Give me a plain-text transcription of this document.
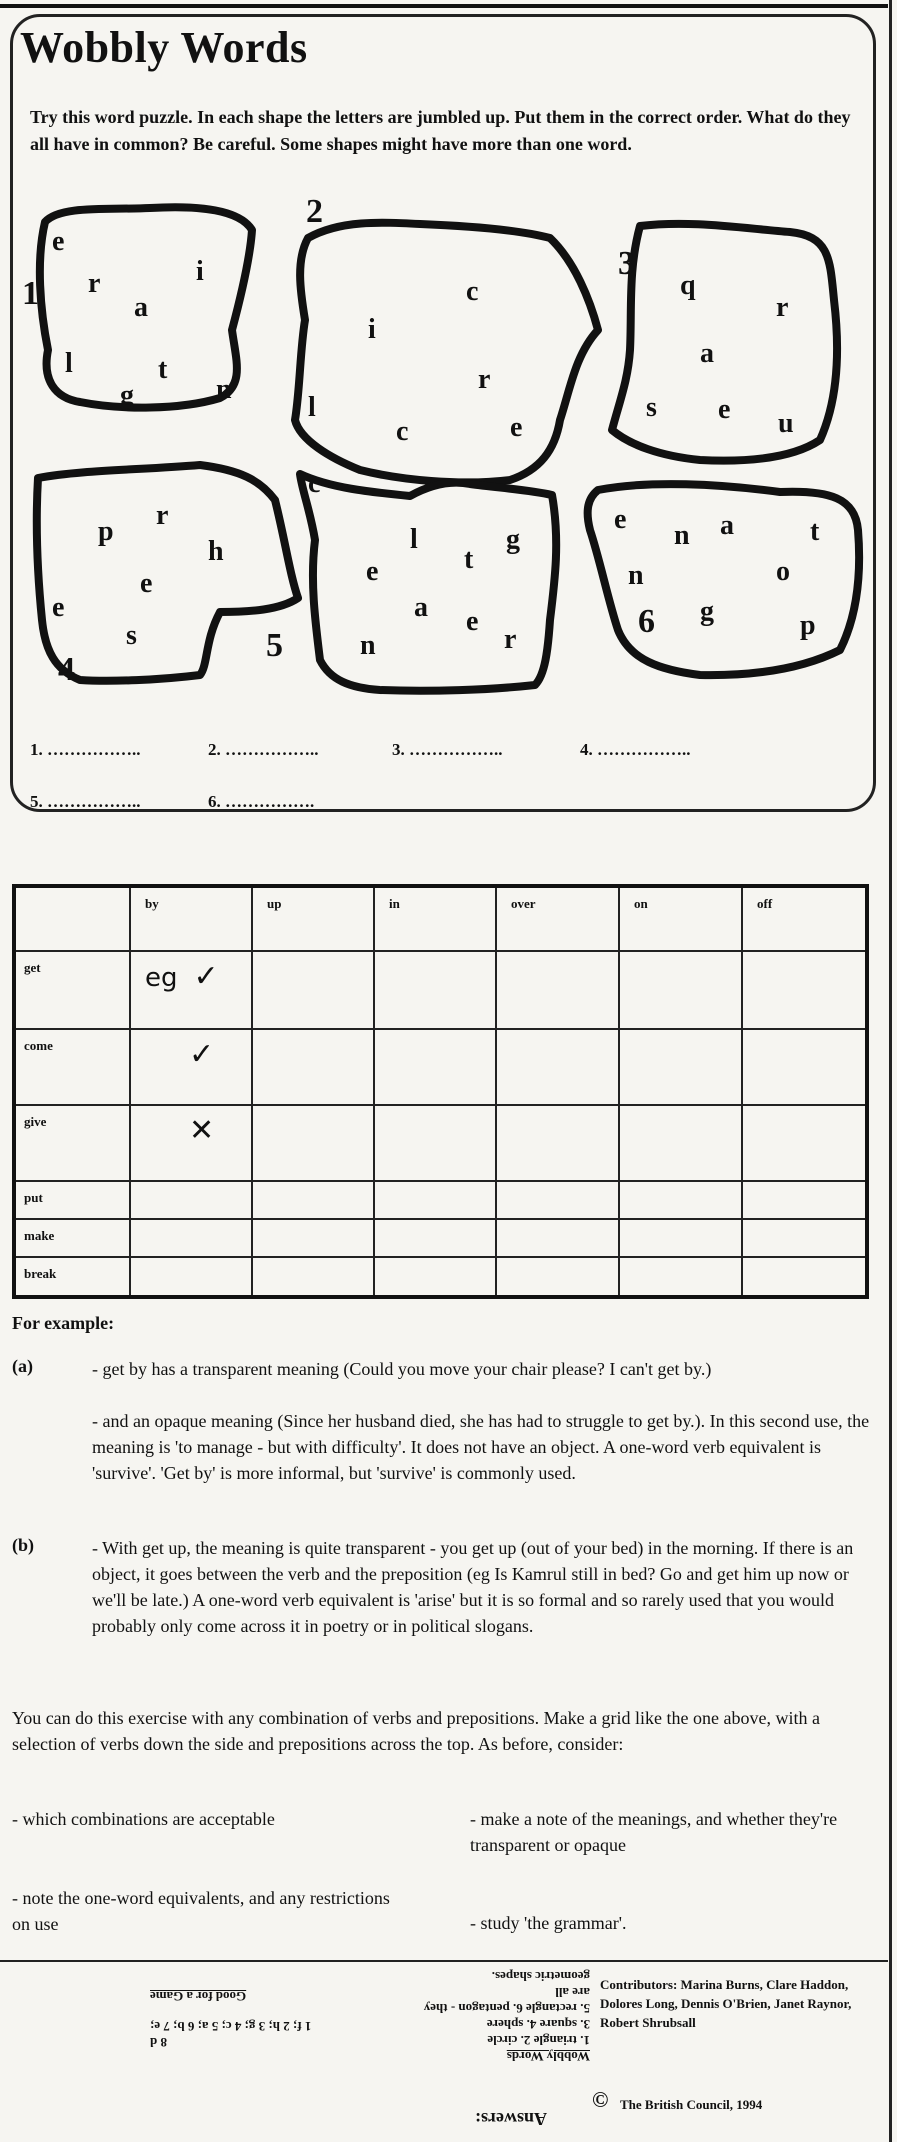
Wobbly Words
Try this word puzzle. In each shape the letters are jumbled up. Put them in the correct order. What do they all have in common? Be careful. Some shapes might have more than one word.
1
e
r	i
a
l	t
g	n
2
c
i
r
l
c	e
3
q
r
a
s e u
4
p
r
h
e
e
s	5
c
l	g
e	t
a
n
e
r	6
e
n a	t
n	o
g	p
1. ……………..	2. ……………..	3. ……………..	4. ……………..
5. ……………..	6. …………….
	by	up	in	over	on	off
get	eg ✓					
come	✓					
give	✕					
put						
make						
break						
For example:
(a)	- get by has a transparent meaning (Could you move your chair please? I can't get by.)
- and an opaque meaning (Since her husband died, she has had to struggle to get by.). In this second use, the meaning is 'to manage - but with difficulty'. It does not have an object. A one-word verb equivalent is 'survive'. 'Get by' is more informal, but 'survive' is commonly used.
(b)	- With get up, the meaning is quite transparent - you get up (out of your bed) in the morning. If there is an object, it goes between the verb and the preposition (eg Is Kamrul still in bed? Go and get him up now or we'll be late.) A one-word verb equivalent is 'arise' but it is so formal and so rarely used that you would probably only come across it in poetry or in political slogans.
You can do this exercise with any combination of verbs and prepositions. Make a grid like the one above, with a selection of verbs down the side and prepositions across the top. As before, consider:
- which combinations are acceptable	- make a note of the meanings, and whether they're transparent or opaque
- note the one-word equivalents, and any restrictions on use	- study 'the grammar'.
Contributors: Marina Burns, Clare Haddon, Dolores Long, Dennis O'Brien, Janet Raynor, Robert Shrubsall
© The British Council, 1994
Wobbly Words
1. triangle 2. circle
3. square 4. sphere
5. rectangle 6. pentagon - they are all
geometric shapes.
Answers:
8 d
1 f; 2 h; 3 g; 4 c; 5 a; 6 b; 7 e;
Good for a Game
